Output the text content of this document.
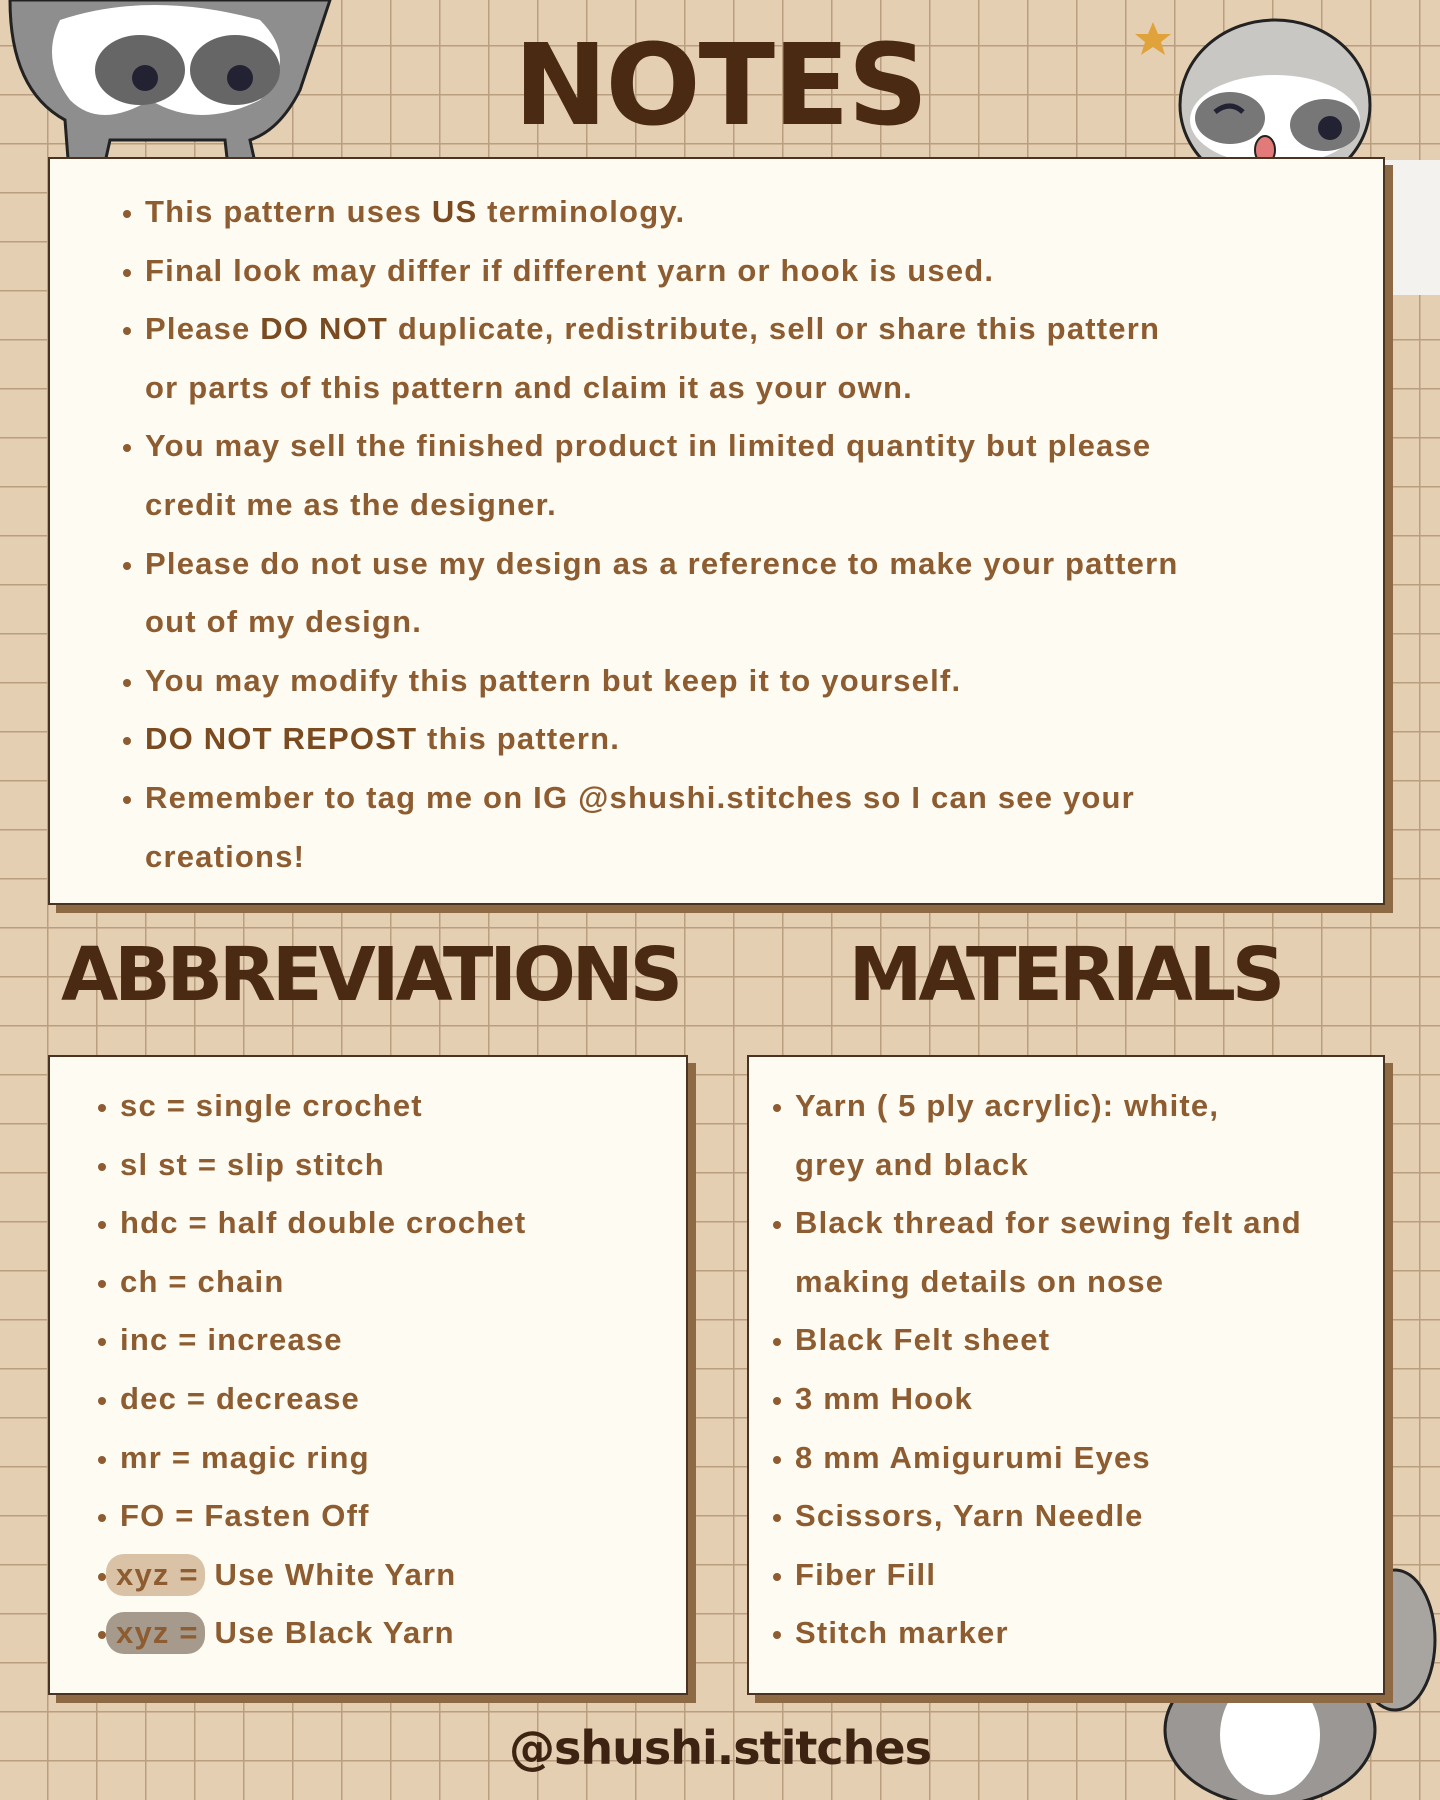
NOTES
This pattern uses US terminology.
Final look may differ if different yarn or hook is used.
Please DO NOT duplicate, redistribute, sell or share this pattern
or parts of this pattern and claim it as your own.
You may sell the finished product in limited quantity but please
credit me as the designer.
Please do not use my design as a reference to make your pattern
out of my design.
You may modify this pattern but keep it to yourself.
DO NOT REPOST this pattern.
Remember to tag me on IG @shushi.stitches so I can see your
creations!
ABBREVIATIONS
sc = single crochet
sl st = slip stitch
hdc = half double crochet
ch = chain
inc = increase
dec = decrease
mr = magic ring
FO = Fasten Off
xyz = Use White Yarn
xyz = Use Black Yarn
MATERIALS
Yarn ( 5 ply acrylic): white,
grey and black
Black thread for sewing felt and
making details on nose
Black Felt sheet
3 mm Hook
8 mm Amigurumi Eyes
Scissors, Yarn Needle
Fiber Fill
Stitch marker
@shushi.stitches
